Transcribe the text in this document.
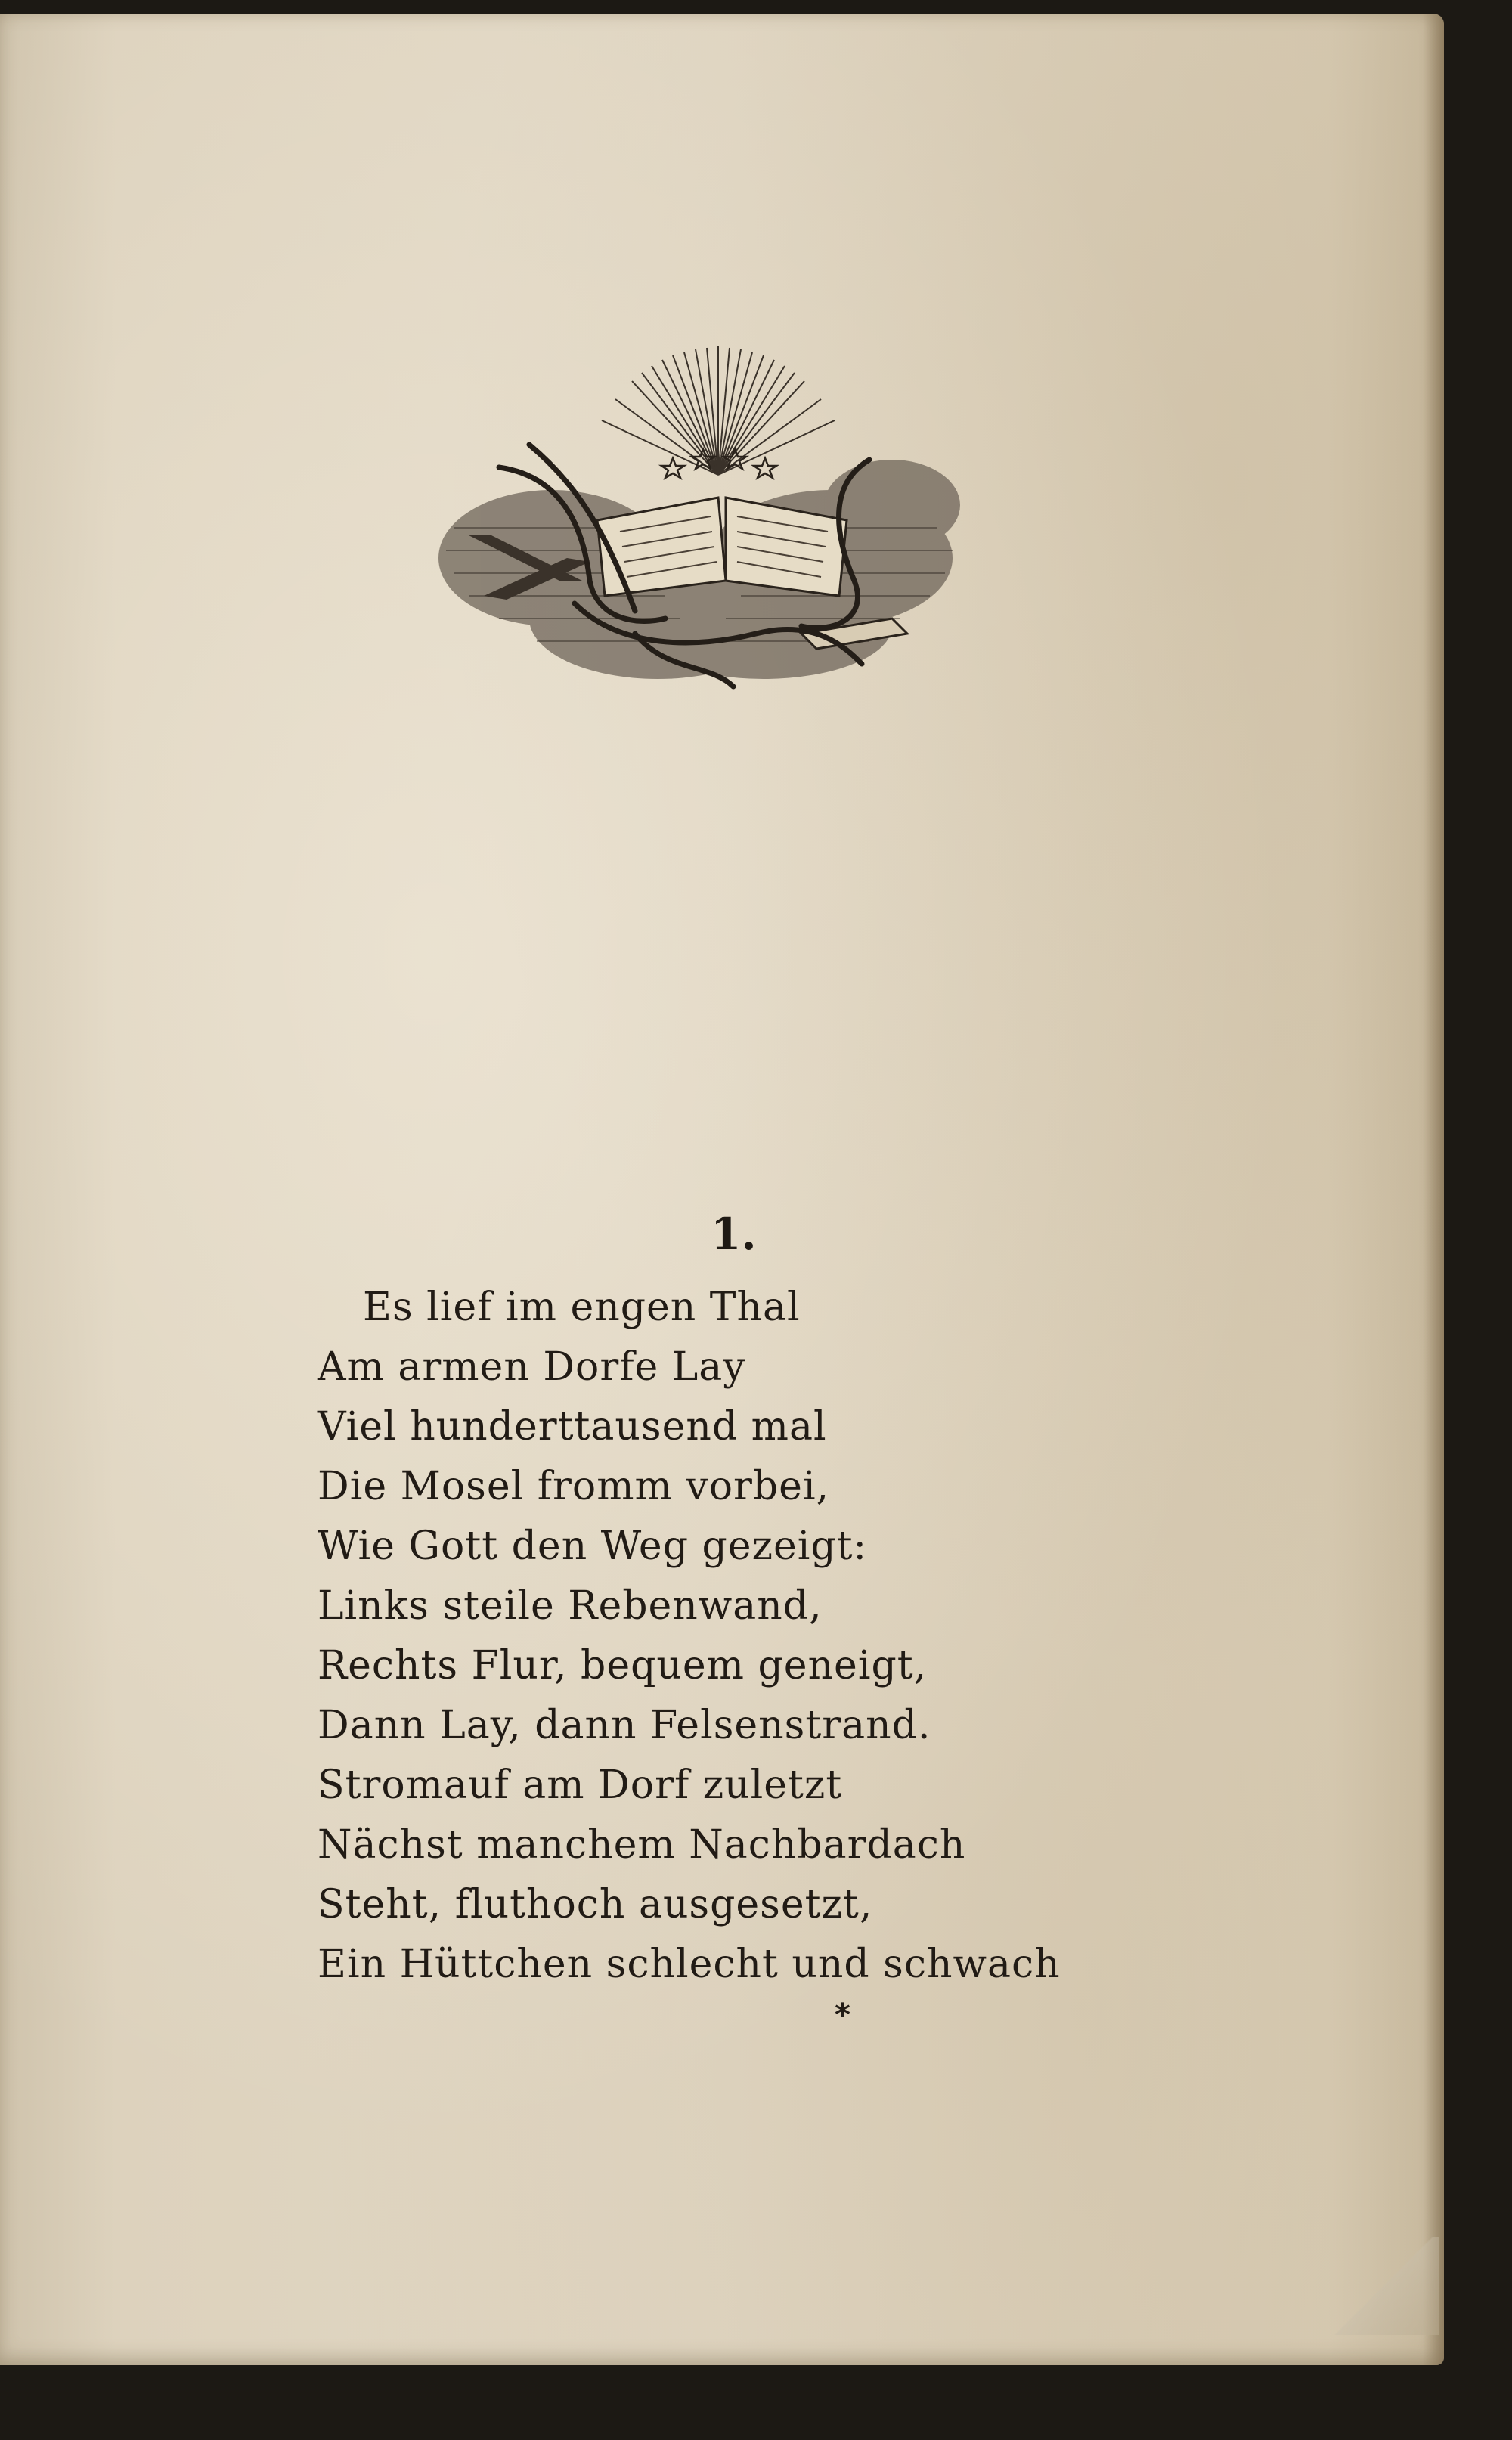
1.
Es lief im engen Thal
Am armen Dorfe Lay
Viel hunderttausend mal
Die Mosel fromm vorbei,
Wie Gott den Weg gezeigt:
Links steile Rebenwand,
Rechts Flur, bequem geneigt,
Dann Lay, dann Felsenstrand.
Stromauf am Dorf zuletzt
Nächst manchem Nachbardach
Steht, fluthoch ausgesetzt,
Ein Hüttchen schlecht und schwach
*
